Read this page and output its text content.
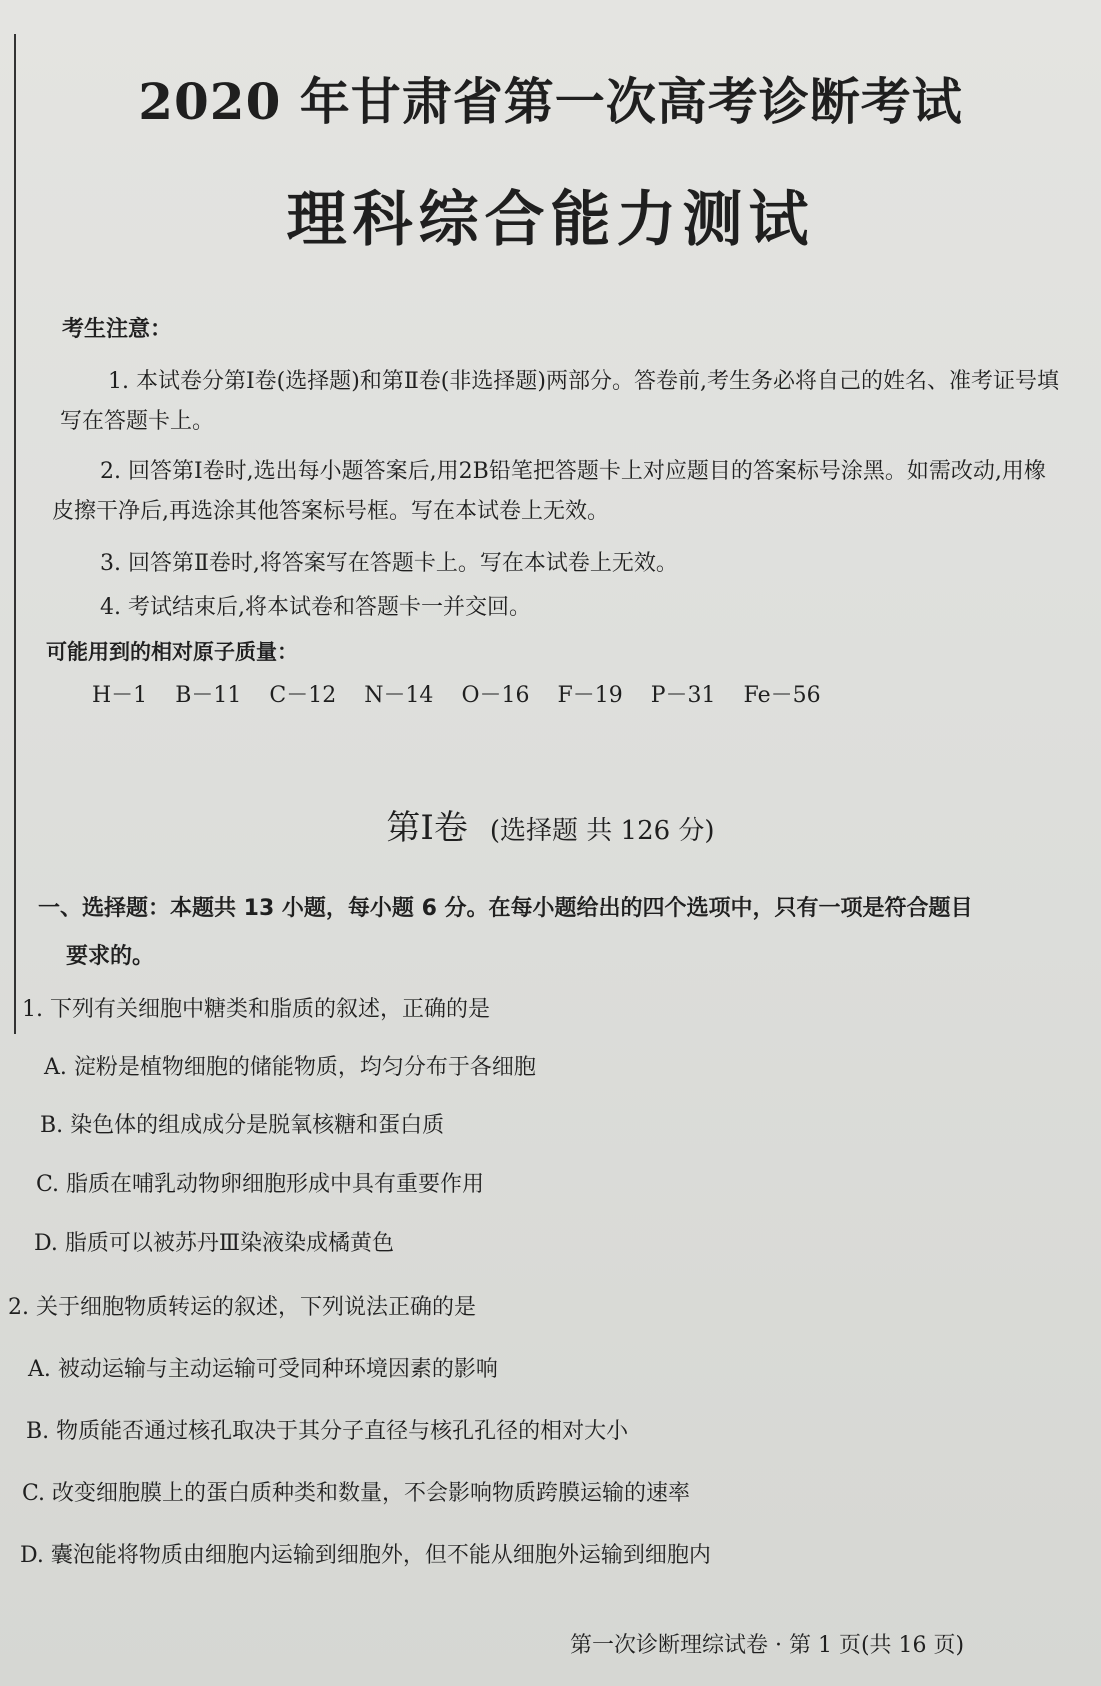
2020 年甘肃省第一次高考诊断考试
理科综合能力测试
考生注意：
1. 本试卷分第Ⅰ卷(选择题)和第Ⅱ卷(非选择题)两部分。答卷前,考生务必将自己的姓名、准考证号填写在答题卡上。
2. 回答第Ⅰ卷时,选出每小题答案后,用2B铅笔把答题卡上对应题目的答案标号涂黑。如需改动,用橡皮擦干净后,再选涂其他答案标号框。写在本试卷上无效。
3. 回答第Ⅱ卷时,将答案写在答题卡上。写在本试卷上无效。
4. 考试结束后,将本试卷和答题卡一并交回。
可能用到的相对原子质量：
H－1 B－11 C－12 N－14 O－16 F－19 P－31 Fe－56
第Ⅰ卷 (选择题 共 126 分)
一、选择题：本题共 13 小题，每小题 6 分。在每小题给出的四个选项中，只有一项是符合题目
要求的。
1. 下列有关细胞中糖类和脂质的叙述，正确的是
A. 淀粉是植物细胞的储能物质，均匀分布于各细胞
B. 染色体的组成成分是脱氧核糖和蛋白质
C. 脂质在哺乳动物卵细胞形成中具有重要作用
D. 脂质可以被苏丹Ⅲ染液染成橘黄色
2. 关于细胞物质转运的叙述，下列说法正确的是
A. 被动运输与主动运输可受同种环境因素的影响
B. 物质能否通过核孔取决于其分子直径与核孔孔径的相对大小
C. 改变细胞膜上的蛋白质种类和数量，不会影响物质跨膜运输的速率
D. 囊泡能将物质由细胞内运输到细胞外，但不能从细胞外运输到细胞内
第一次诊断理综试卷 · 第 1 页(共 16 页)
